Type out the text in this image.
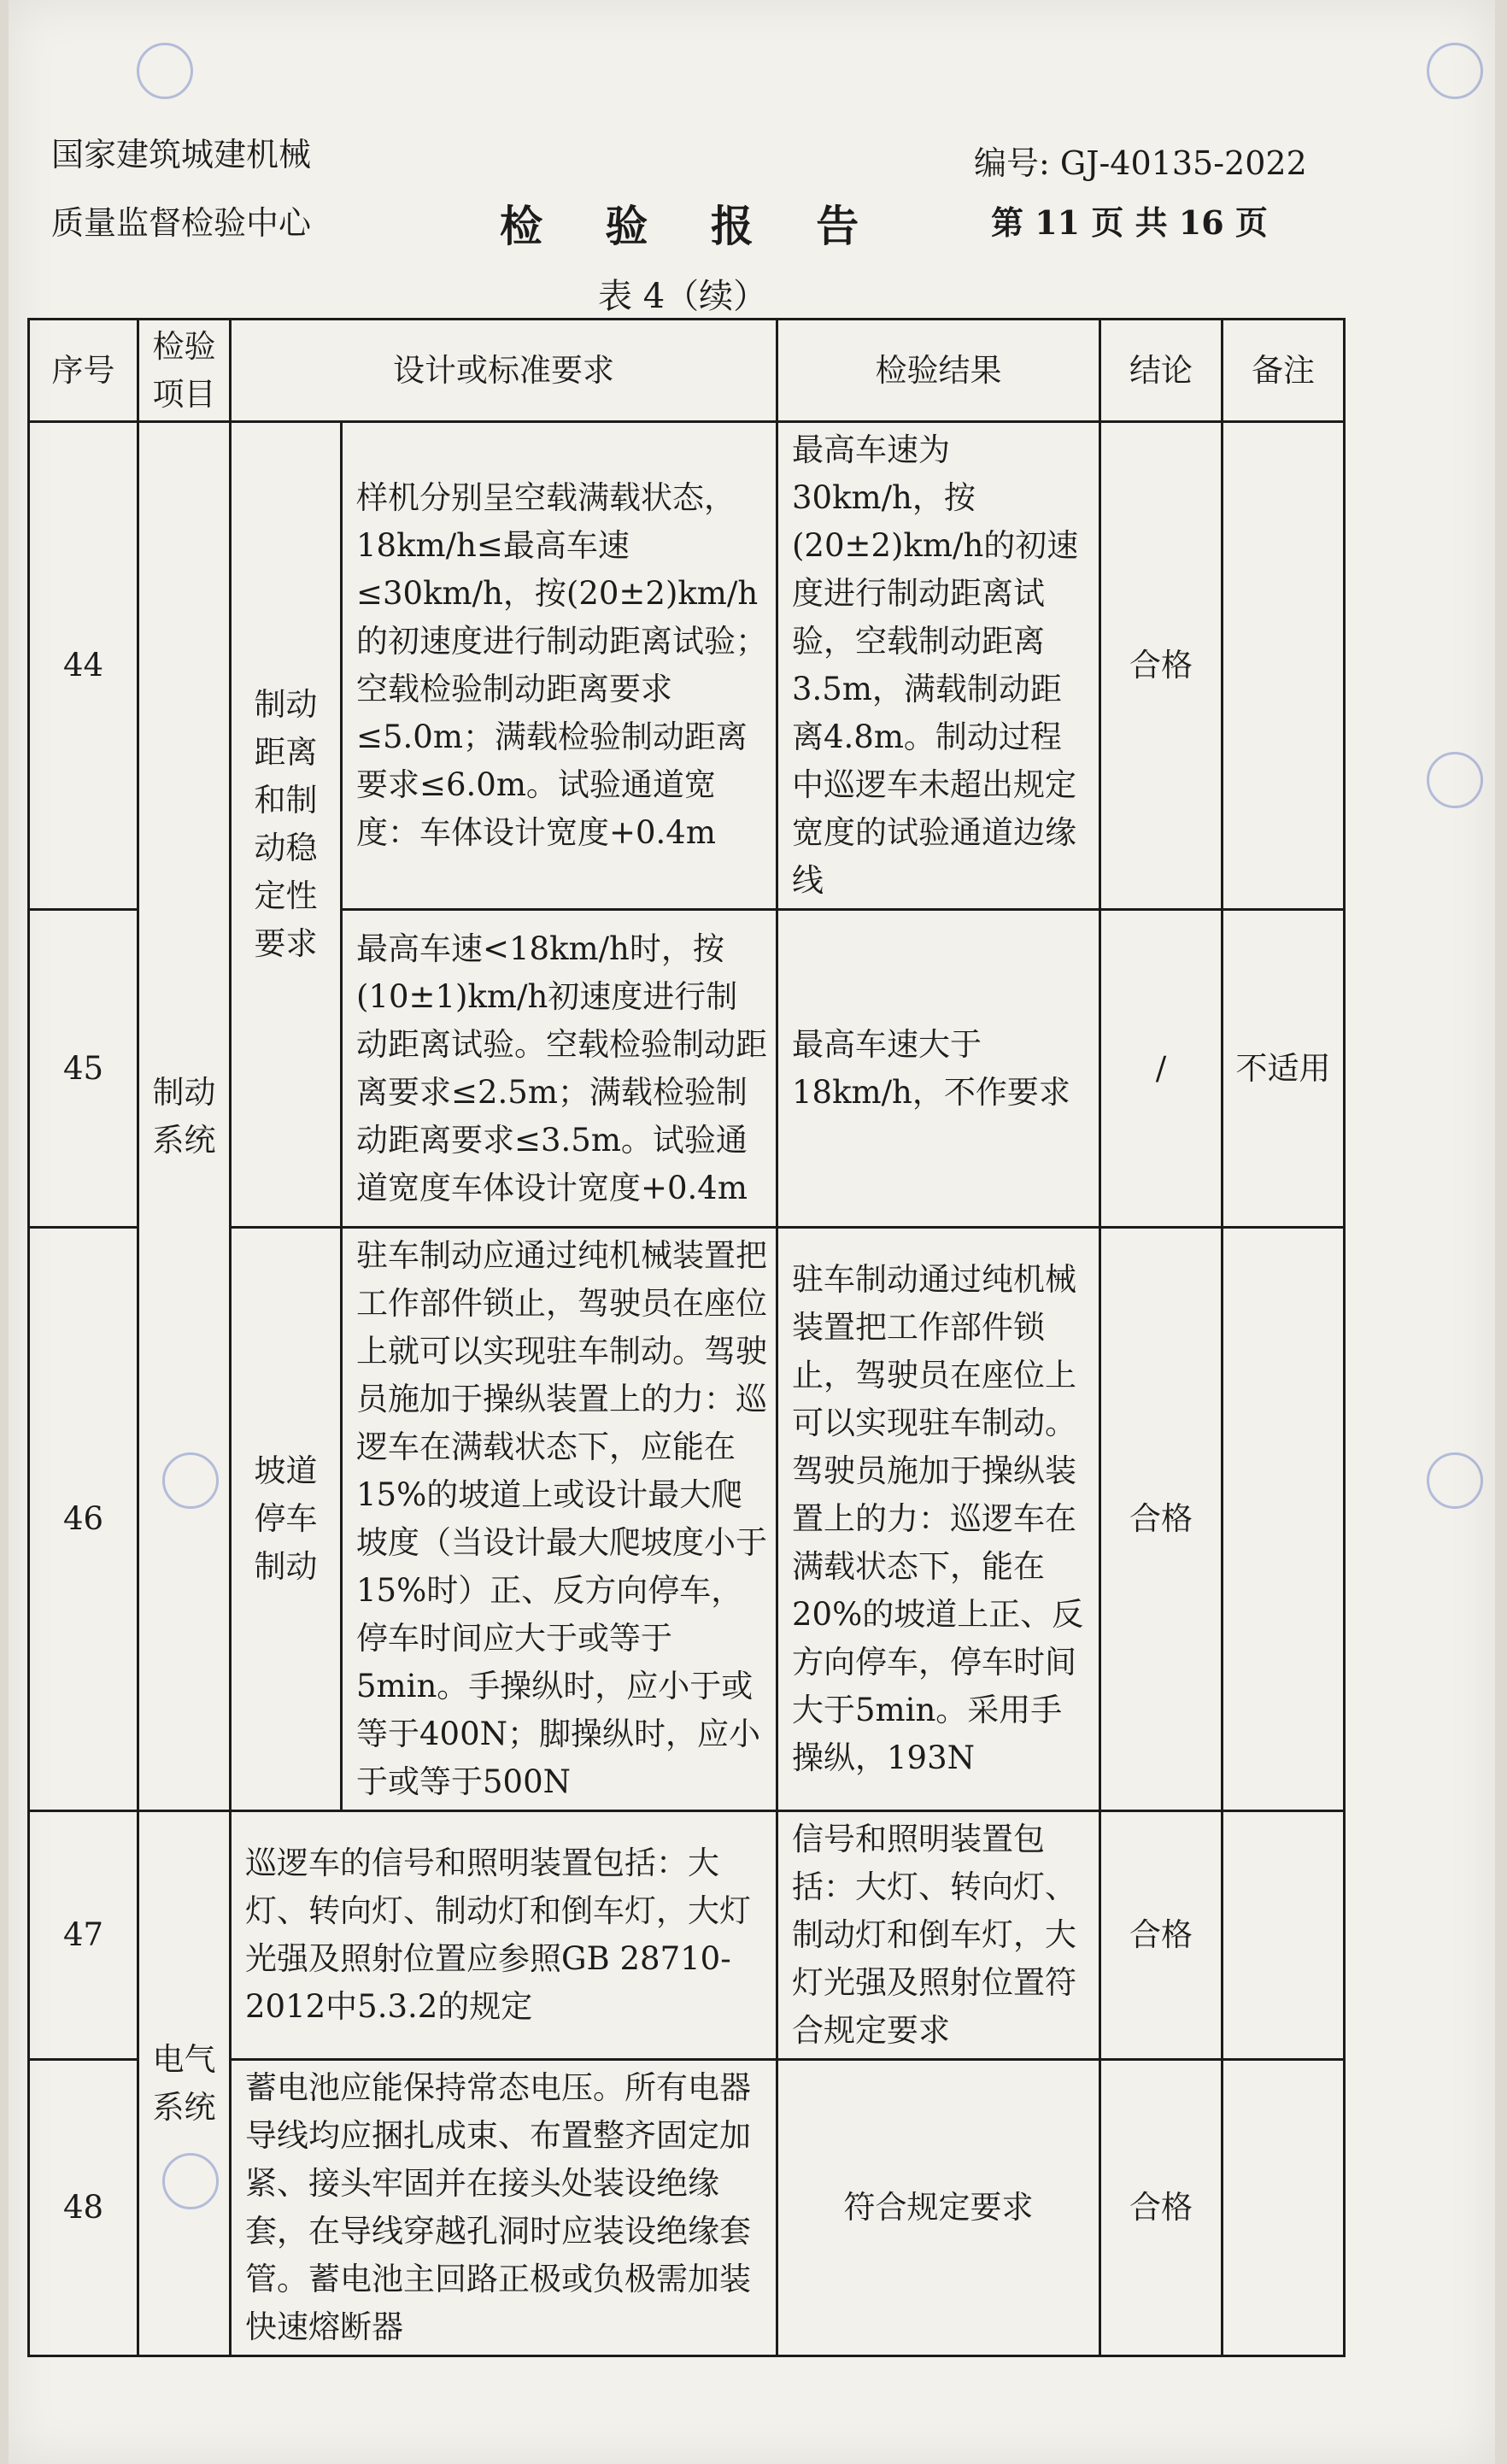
国家建筑城建机械
质量监督检验中心	检 验 报 告
编号: GJ-40135-2022
第 11 页 共 16 页
表 4（续）
序号	检验项目	设计或标准要求		检验结果	结论	备注
44	制动系统	制动距离和制动稳定性要求	样机分别呈空载满载状态，18km/h≤最高车速≤30km/h，按(20±2)km/h的初速度进行制动距离试验；空载检验制动距离要求≤5.0m；满载检验制动距离要求≤6.0m。试验通道宽度：车体设计宽度+0.4m	最高车速为30km/h，按(20±2)km/h的初速度进行制动距离试验，空载制动距离3.5m，满载制动距离4.8m。制动过程中巡逻车未超出规定宽度的试验通道边缘线	合格	
45			最高车速<18km/h时，按(10±1)km/h初速度进行制动距离试验。空载检验制动距离要求≤2.5m；满载检验制动距离要求≤3.5m。试验通道宽度车体设计宽度+0.4m	最高车速大于18km/h，不作要求	/	不适用
46		坡道停车制动	驻车制动应通过纯机械装置把工作部件锁止，驾驶员在座位上就可以实现驻车制动。驾驶员施加于操纵装置上的力：巡逻车在满载状态下，应能在15%的坡道上或设计最大爬坡度（当设计最大爬坡度小于15%时）正、反方向停车，停车时间应大于或等于5min。手操纵时，应小于或等于400N；脚操纵时，应小于或等于500N	驻车制动通过纯机械装置把工作部件锁止，驾驶员在座位上可以实现驻车制动。驾驶员施加于操纵装置上的力：巡逻车在满载状态下，能在20%的坡道上正、反方向停车，停车时间大于5min。采用手操纵，193N	合格	
47	电气系统	巡逻车的信号和照明装置包括：大灯、转向灯、制动灯和倒车灯，大灯光强及照射位置应参照GB 28710-2012中5.3.2的规定		信号和照明装置包括：大灯、转向灯、制动灯和倒车灯，大灯光强及照射位置符合规定要求	合格	
48		蓄电池应能保持常态电压。所有电器导线均应捆扎成束、布置整齐固定加紧、接头牢固并在接头处装设绝缘套，在导线穿越孔洞时应装设绝缘套管。蓄电池主回路正极或负极需加装快速熔断器		符合规定要求	合格	
